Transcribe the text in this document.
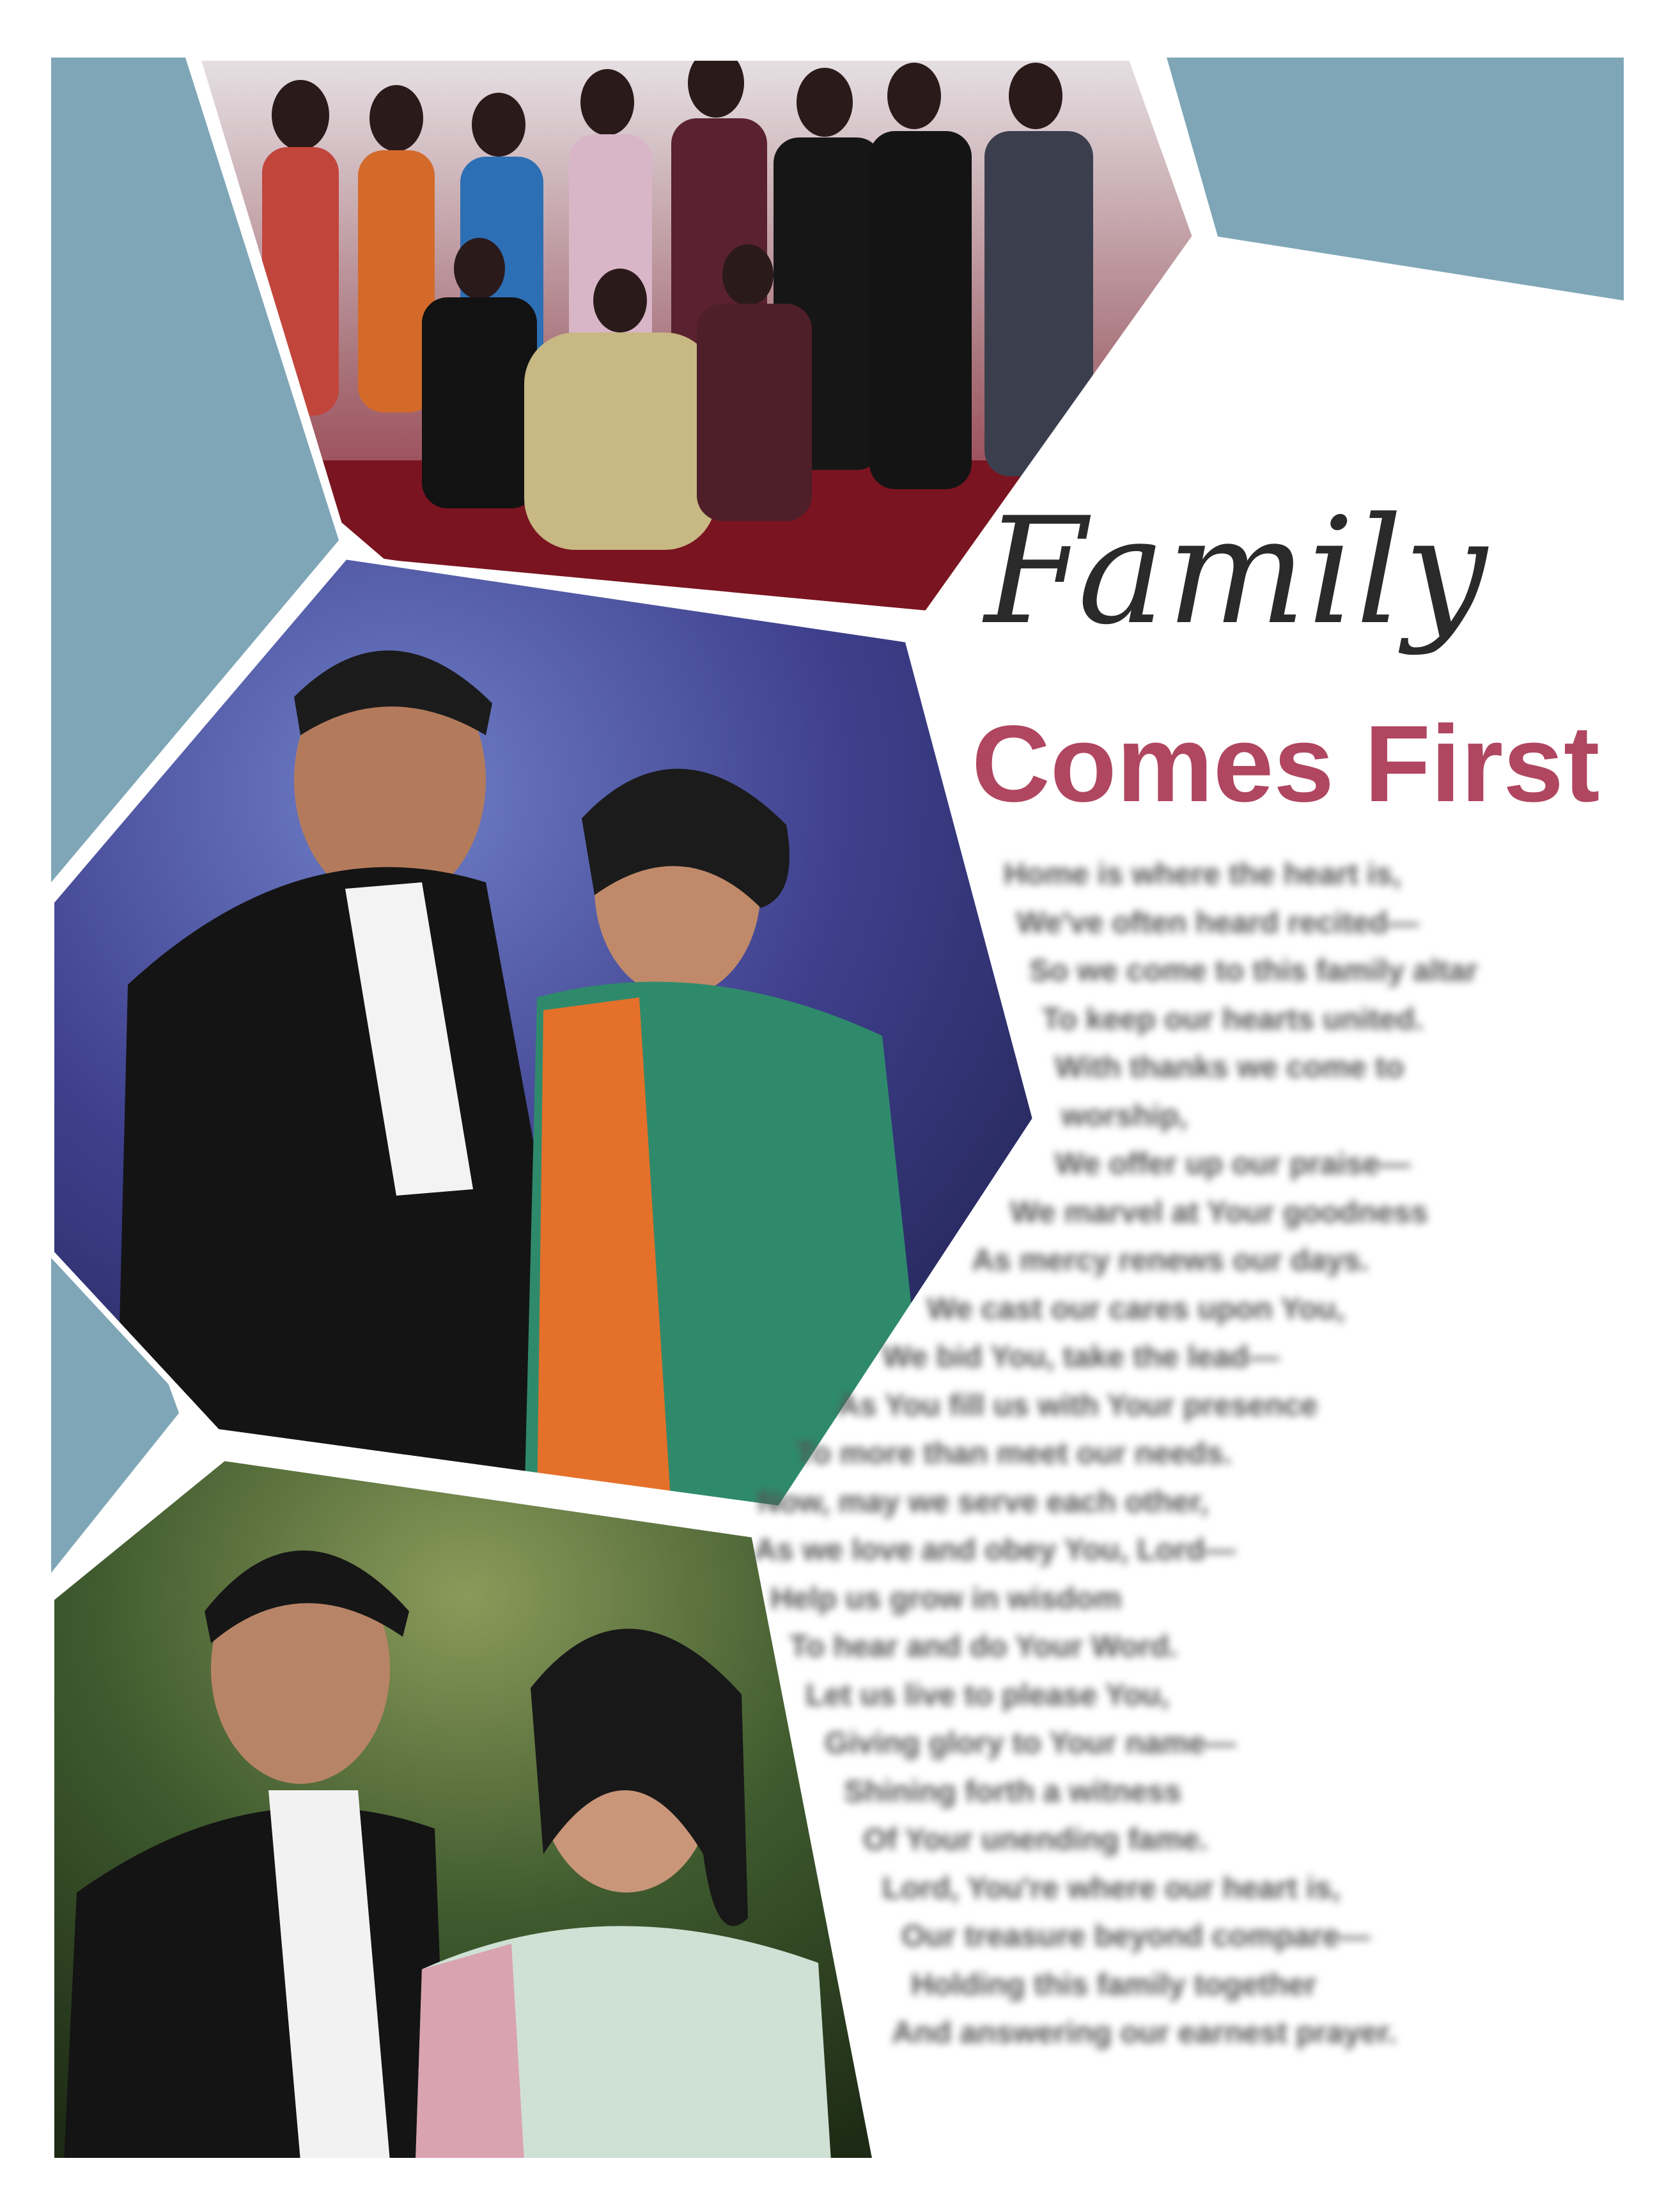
Family
Comes First
Home is where the heart is,
We've often heard recited—
So we come to this family altar
To keep our hearts united.
With thanks we come to
worship,
We offer up our praise—
We marvel at Your goodness
As mercy renews our days.
We cast our cares upon You,
We bid You, take the lead—
As You fill us with Your presence
To more than meet our needs.
Now, may we serve each other,
As we love and obey You, Lord—
Help us grow in wisdom
To hear and do Your Word.
Let us live to please You,
Giving glory to Your name—
Shining forth a witness
Of Your unending fame.
Lord, You're where our heart is,
Our treasure beyond compare—
Holding this family together
And answering our earnest prayer.
